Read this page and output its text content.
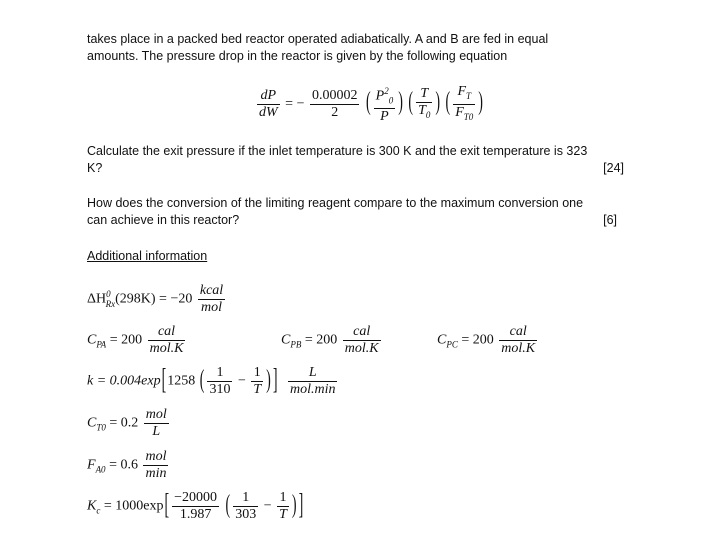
takes place in a packed bed reactor operated adiabatically. A and B are fed in equal
amounts. The pressure drop in the reactor is given by the following equation
$\frac{dP}{dW}$ = − $\frac{0.00002}{2}$ ( $\frac{P^2_0}{P}$ ) ( $\frac{T}{T_0}$ ) ( $\frac{F_T}{F_{T0}}$ )
Calculate the exit pressure if the inlet temperature is 300 K and the exit temperature is 323
K?	[24]
How does the conversion of the limiting reagent compare to the maximum conversion one
can achieve in this reactor?	[6]
Additional information
$\Delta H^0_{Rx}(298K) = -20 \frac{\text{kcal}}{\text{mol}}$
$C_{PA} = 200 \frac{\text{cal}}{\text{mol.K}}$	$C_{PB} = 200 \frac{\text{cal}}{\text{mol.K}}$	$C_{PC} = 200 \frac{\text{cal}}{\text{mol.K}}$
k = 0.004exp[1258 ( $\frac{1}{310} - \frac{1}{T}$ ) ] $\frac{L}{\text{mol.min}}$
$C_{T0} = 0.2 \frac{\text{mol}}{L}$
$F_{A0} = 0.6 \frac{\text{mol}}{\min}$
$K_c = 1000\exp[ \frac{-20000}{1.987}$ ( $\frac{1}{303} - \frac{1}{T}$ ) ]
